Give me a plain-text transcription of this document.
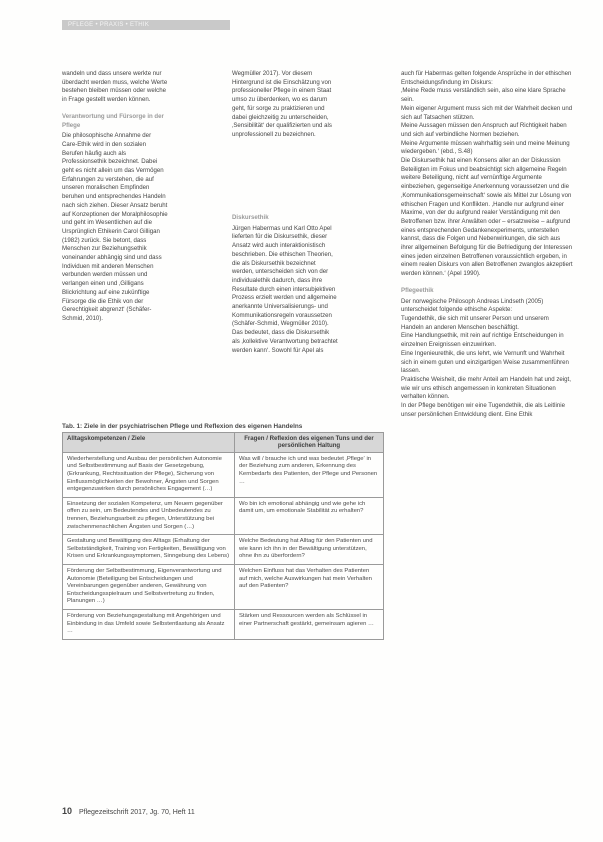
PFLEGE • PRAXIS • ETHIK

wandeln und dass unsere werkte nur überdacht werden muss, welche Werte bestehen bleiben müssen oder welche in Frage gestellt werden können.

Verantwortung und Fürsorge in der Pflege

Die philosophische Annahme der Care-Ethik wird in den sozialen Berufen häufig auch als Professionsethik bezeichnet. Dabei geht es nicht allein um das Vermögen Erfahrungen zu verstehen, die auf unseren moralischen Empfinden beruhen und entsprechendes Handeln nach sich ziehen. Dieser Ansatz beruht auf Konzeptionen der Moralphilosophie und geht im Wesentlichen auf die Ursprünglich Ethikerin Carol Gilligan (1982) zurück. Sie betont, dass Menschen zur Beziehungsethik voneinander abhängig sind und dass Individuen mit anderen Menschen verbunden werden müssen und verlangen einen und ‚Gilligans Blickrichtung auf eine zukünftige Fürsorge die die Ethik von der Gerechtigkeit abgrenzt‘ (Schäfer-Schmid, 2010).

Wegmüller 2017). Vor diesem Hintergrund ist die Einschätzung von professioneller Pflege in einem Staat umso zu überdenken, wo es darum geht, für sorge zu praktizieren und dabei gleichzeitig zu unterscheiden, ‚Sensibilität‘ der qualifizierten und als unprofessionell zu bezeichnen.

Diskursethik

Jürgen Habermas und Karl Otto Apel lieferten für die Diskursethik, dieser Ansatz wird auch interaktionistisch beschrieben. Die ethischen Theorien, die als Diskursethik bezeichnet werden, unterscheiden sich von der individualethik dadurch, dass ihre Resultate durch einen intersubjektiven Prozess erzielt werden und allgemeine anerkannte Universalisierungs- und Kommunikationsregeln voraussetzen (Schäfer-Schmid, Wegmüller 2010). Das bedeutet, dass die Diskursethik als ‚kollektive Verantwortung betrachtet werden kann‘. Sowohl für Apel als

auch für Habermas gelten folgende Ansprüche in der ethischen Entscheidungsfindung im Diskurs:

‚Meine Rede muss verständlich sein, also eine klare Sprache sein.

Mein eigener Argument muss sich mit der Wahrheit decken und sich auf Tatsachen stützen.

Meine Aussagen müssen den Anspruch auf Richtigkeit haben und sich auf verbindliche Normen beziehen.

Meine Argumente müssen wahrhaftig sein und meine Meinung wiedergeben.‘ (ebd., S.48)

Die Diskursethik hat einen Konsens aller an der Diskussion Beteiligten im Fokus und beabsichtigt sich allgemeine Regeln weitere Beteiligung, nicht auf vernünftige Argumente einbeziehen, gegenseitige Anerkennung voraussetzen und die ‚Kommunikationsgemeinschaft‘ sowie als Mittel zur Lösung von ethischen Fragen und Konflikten. ‚Handle nur aufgrund einer Maxime, von der du aufgrund realer Verständigung mit den Betroffenen bzw. ihrer Anwälten oder – ersatzweise – aufgrund eines entsprechenden Gedankenexperiments, unterstellen kannst, dass die Folgen und Nebenwirkungen, die sich aus ihrer allgemeinen Befolgung für die Befriedigung der Interessen eines jeden einzelnen Betroffenen voraussichtlich ergeben, in einem realen Diskurs von allen Betroffenen zwanglos akzeptiert werden können.‘ (Apel 1990).

Pflegeethik

Der norwegische Philosoph Andreas Lindseth (2005) unterscheidet folgende ethische Aspekte:

Tugendethik, die sich mit unserer Person und unserem Handeln an anderen Menschen beschäftigt.

Eine Handlungsethik, mit rein auf richtige Entscheidungen in einzelnen Ereignissen einzuwirken.

Eine Ingenieurethik, die uns lehrt, wie Vernunft und Wahrheit sich in einem guten und einzigartigen Weise zusammenführen lassen.

Praktische Weisheit, die mehr Anteil am Handeln hat und zeigt, wie wir uns ethisch angemessen in konkreten Situationen verhalten können.

In der Pflege benötigen wir eine Tugendethik, die als Leitlinie unser persönlichen Entwicklung dient. Eine Ethik

Tab. 1: Ziele in der psychiatrischen Pflege und Reflexion des eigenen Handelns
Alltagskompetenzen / Ziele	Fragen / Reflexion des eigenen Tuns und der persönlichen Haltung
Wiederherstellung und Ausbau der persönlichen Autonomie und Selbstbestimmung auf Basis der Gesetzgebung, (Erkrankung, Rechtssituation der Pflege), Sicherung von Einflussmöglichkeiten der Bewohner, Ängsten und Sorgen entgegenzuwirken durch persönliches Engagement (…)
Was will / brauche ich und was bedeutet ‚Pflege‘ in der Beziehung zum anderen, Erkennung des Kernbedarfs des Patienten, der Pflege und Personen …
Einsetzung der sozialen Kompetenz, um Neuem gegenüber offen zu sein, um Bedeutendes und Unbedeutendes zu trennen, Beziehungsarbeit zu pflegen, Unterstützung bei zwischenmenschlichen Ängsten und Sorgen (…)
Wo bin ich emotional abhängig und wie gehe ich damit um, um emotionale Stabilität zu erhalten?
Gestaltung und Bewältigung des Alltags (Erhaltung der Selbstständigkeit, Training von Fertigkeiten, Bewältigung von Krisen und Erkrankungssymptomen, Sinngebung des Lebens)
Welche Bedeutung hat Alltag für den Patienten und wie kann ich ihn in der Bewältigung unterstützen, ohne ihn zu überfordern?
Förderung der Selbstbestimmung, Eigenverantwortung und Autonomie (Beteiligung bei Entscheidungen und Vereinbarungen gegenüber anderen, Gewährung von Entscheidungsspielraum und Selbstvertretung zu finden, Planungen …)
Welchen Einfluss hat das Verhalten des Patienten auf mich, welche Auswirkungen hat mein Verhalten auf den Patienten?
Förderung von Beziehungsgestaltung mit Angehörigen und Einbindung in das Umfeld sowie Selbstentlastung als Ansatz …
Stärken und Ressourcen werden als Schlüssel in einer Partnerschaft gestärkt, gemeinsam agieren …
10 Pflegezeitschrift 2017, Jg. 70, Heft 11
